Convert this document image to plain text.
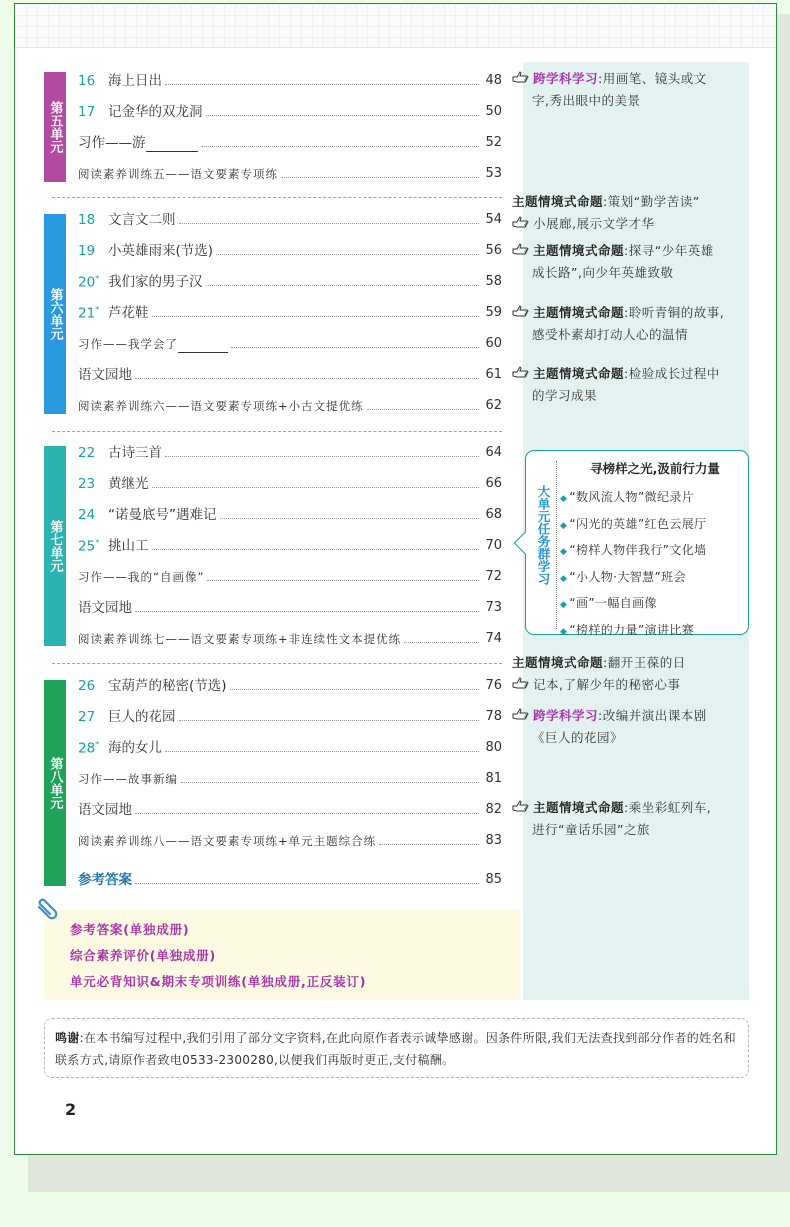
第五单元
第六单元
第七单元
第八单元
16 海上日出	48
17 记金华的双龙洞	50
习作——游	52
阅读素养训练五——语文要素专项练	53
18 文言文二则	54
19 小英雄雨来(节选)	56
20* 我们家的男子汉	58
21* 芦花鞋	59
习作——我学会了	60
语文园地	61
阅读素养训练六——语文要素专项练+小古文提优练	62
22 古诗三首	64
23 黄继光	66
24 “诺曼底号”遇难记	68
25* 挑山工	70
习作——我的“自画像”	72
语文园地	73
阅读素养训练七——语文要素专项练+非连续性文本提优练	74
26 宝葫芦的秘密(节选)	76
27 巨人的花园	78
28* 海的女儿	80
习作——故事新编	81
语文园地	82
阅读素养训练八——语文要素专项练+单元主题综合练	83
参考答案	85
跨学科学习:用画笔、镜头或文
字,秀出眼中的美景
主题情境式命题:策划“勤学苦读”
小展廊,展示文学才华
主题情境式命题:探寻“少年英雄
成长路”,向少年英雄致敬
主题情境式命题:聆听青铜的故事,
感受朴素却打动人心的温情
主题情境式命题:检验成长过程中
的学习成果
大单元任务群学习
寻榜样之光,汲前行力量
◆ “数风流人物”微纪录片
◆ “闪光的英雄”红色云展厅
◆ “榜样人物伴我行”文化墙
◆ “小人物·大智慧”班会
◆ “画”一幅自画像
◆ “榜样的力量”演讲比赛
主题情境式命题:翻开王葆的日
记本,了解少年的秘密心事
跨学科学习:改编并演出课本剧
《巨人的花园》
主题情境式命题:乘坐彩虹列车,
进行“童话乐园”之旅
参考答案(单独成册)
综合素养评价(单独成册)
单元必背知识&期末专项训练(单独成册,正反装订)
鸣谢:在本书编写过程中,我们引用了部分文字资料,在此向原作者表示诚挚感谢。因条件所限,我们无法查找到部分作者的姓名和联系方式,请原作者致电0533-2300280,以便我们再版时更正,支付稿酬。
2
